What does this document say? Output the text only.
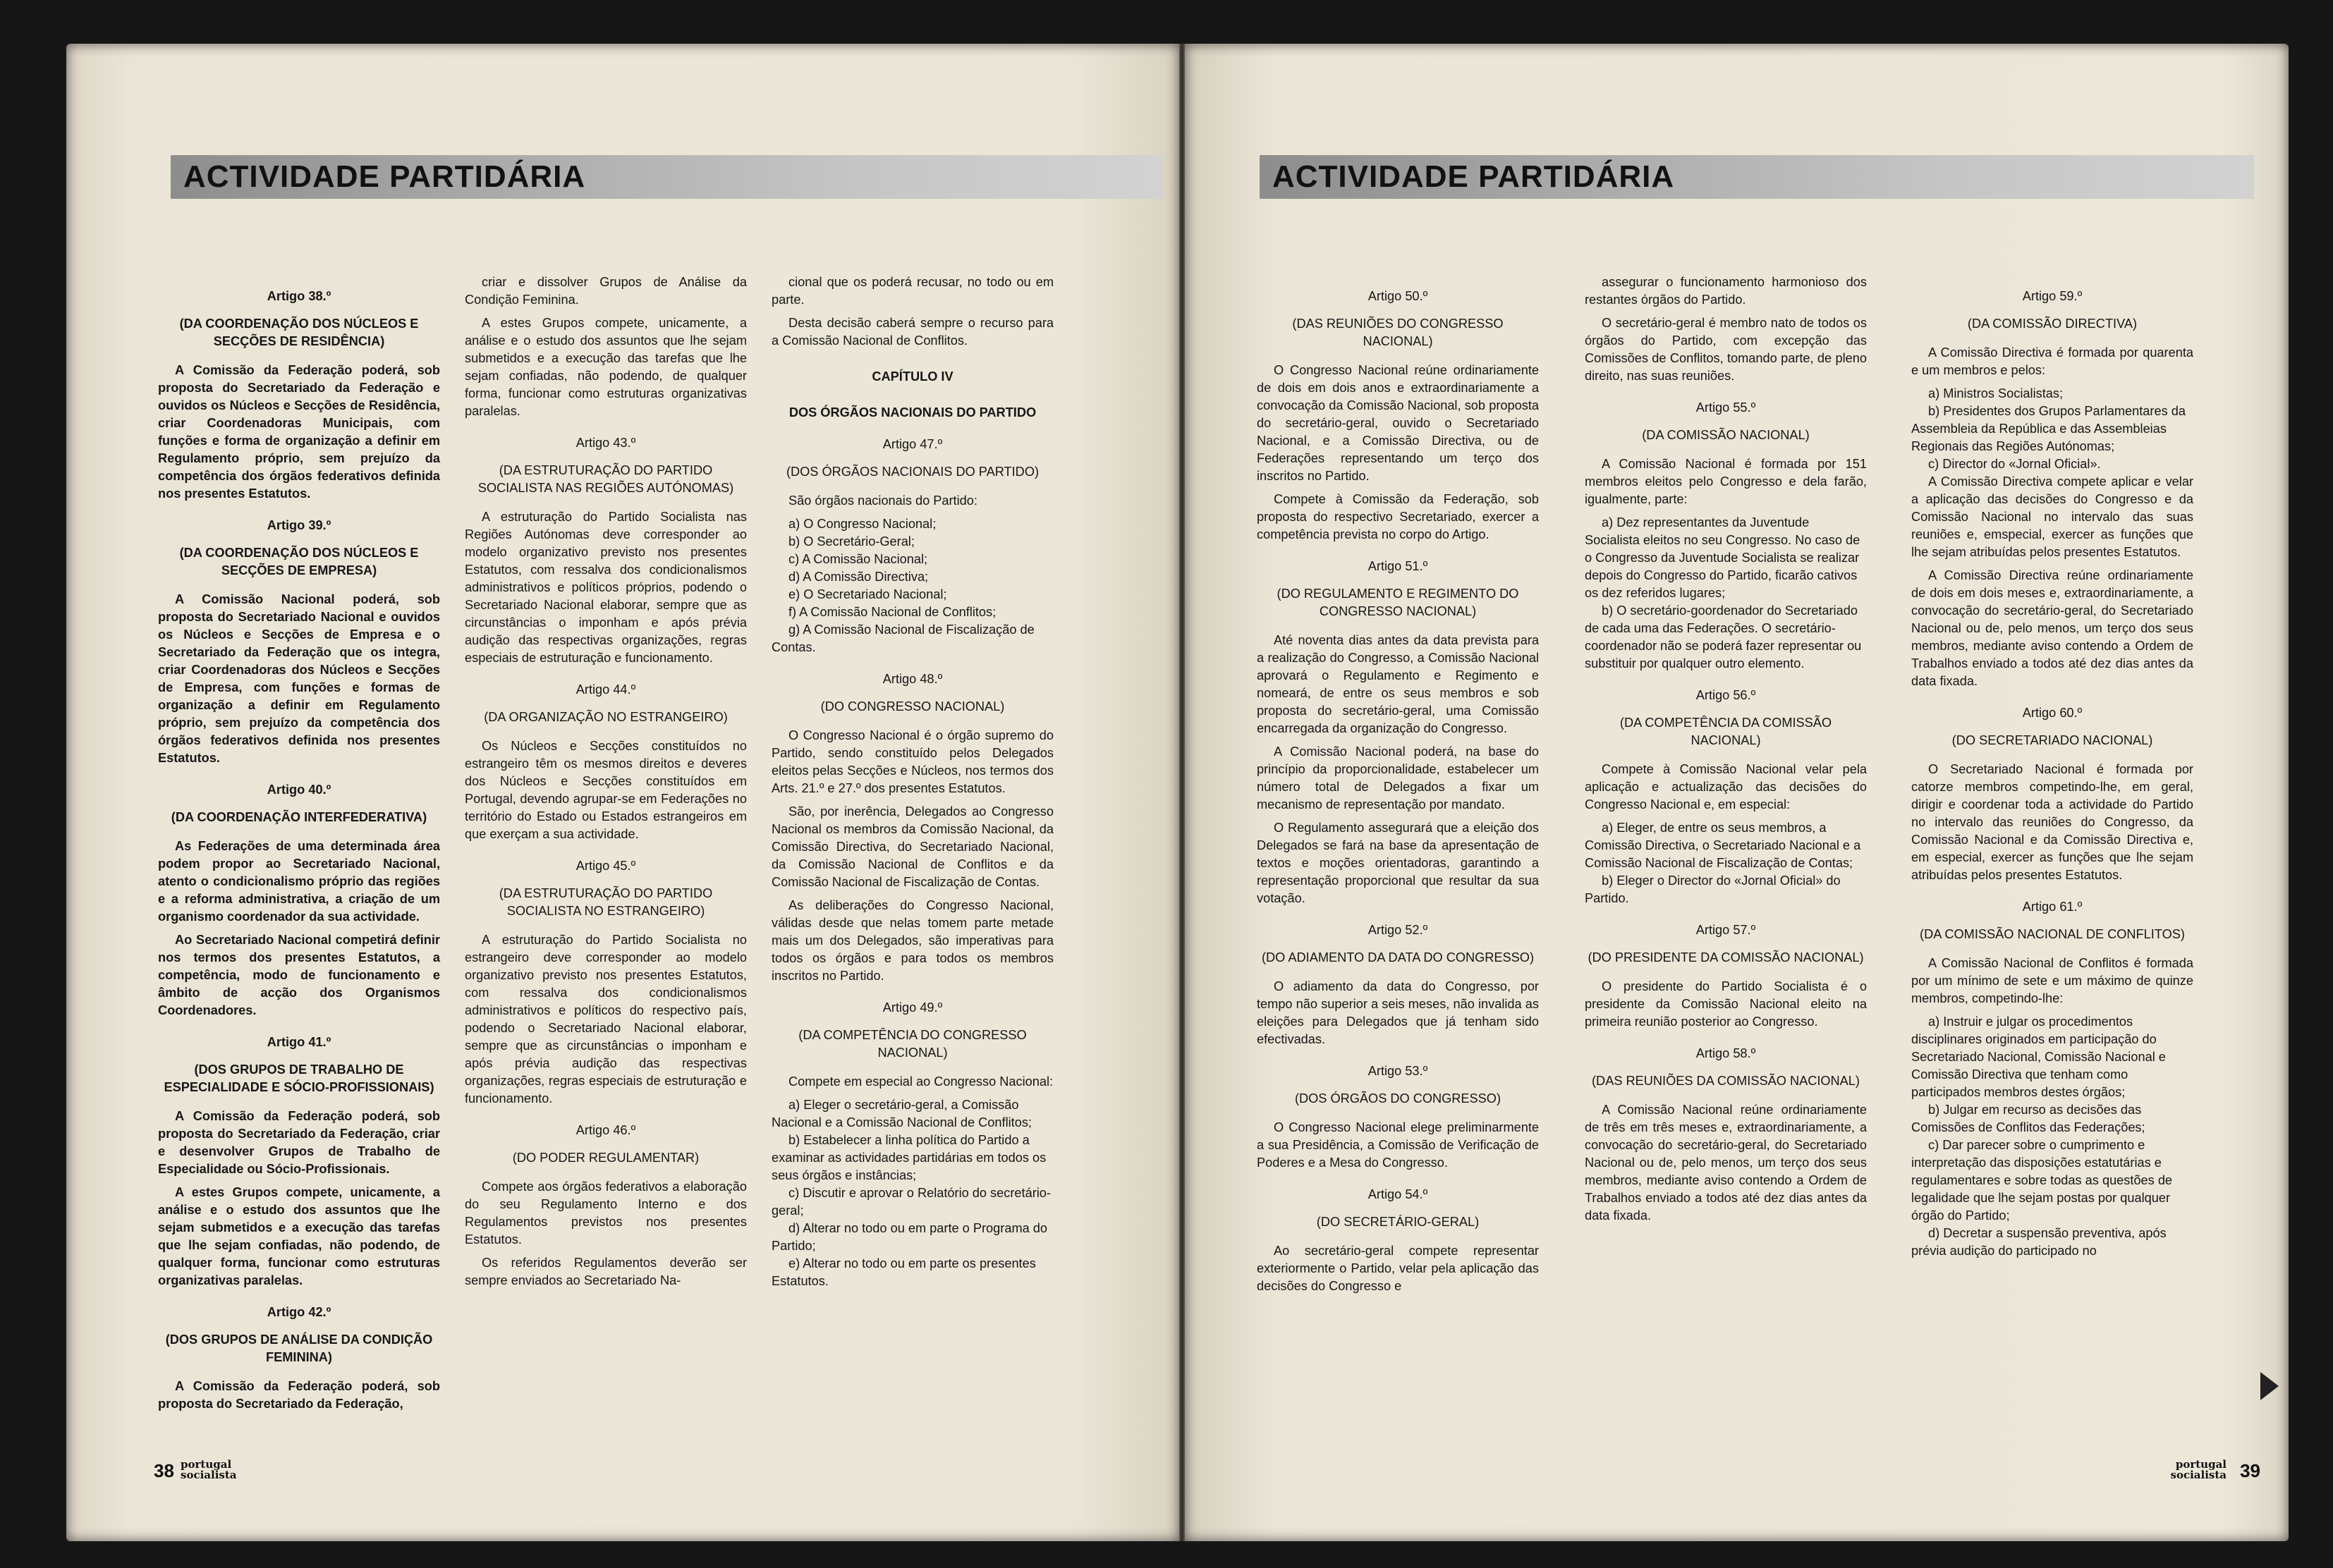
ACTIVIDADE PARTIDÁRIA
Artigo 38.º
(DA COORDENAÇÃO DOS NÚCLEOS E SECÇÕES DE RESIDÊNCIA)

A Comissão da Federação poderá, sob proposta do Secretariado da Federação e ouvidos os Núcleos e Secções de Residência, criar Coordenadoras Municipais, com funções e forma de organização a definir em Regulamento próprio, sem prejuízo da competência dos órgãos federativos definida nos presentes Estatutos.

Artigo 39.º
(DA COORDENAÇÃO DOS NÚCLEOS E SECÇÕES DE EMPRESA)

A Comissão Nacional poderá, sob proposta do Secretariado Nacional e ouvidos os Núcleos e Secções de Empresa e o Secretariado da Federação que os integra, criar Coordenadoras dos Núcleos e Secções de Empresa, com funções e formas de organização a definir em Regulamento próprio, sem prejuízo da competência dos órgãos federativos definida nos presentes Estatutos.

Artigo 40.º
(DA COORDENAÇÃO INTERFEDERATIVA)

As Federações de uma determinada área podem propor ao Secretariado Nacional, atento o condicionalismo próprio das regiões e a reforma administrativa, a criação de um organismo coordenador da sua actividade.

Ao Secretariado Nacional competirá definir nos termos dos presentes Estatutos, a competência, modo de funcionamento e âmbito de acção dos Organismos Coordenadores.

Artigo 41.º
(DOS GRUPOS DE TRABALHO DE ESPECIALIDADE E SÓCIO-PROFISSIONAIS)

A Comissão da Federação poderá, sob proposta do Secretariado da Federação, criar e desenvolver Grupos de Trabalho de Especialidade ou Sócio-Profissionais.

A estes Grupos compete, unicamente, a análise e o estudo dos assuntos que lhe sejam submetidos e a execução das tarefas que lhe sejam confiadas, não podendo, de qualquer forma, funcionar como estruturas organizativas paralelas.

Artigo 42.º
(DOS GRUPOS DE ANÁLISE DA CONDIÇÃO FEMININA)

A Comissão da Federação poderá, sob proposta do Secretariado da Federação,

criar e dissolver Grupos de Análise da Condição Feminina.

A estes Grupos compete, unicamente, a análise e o estudo dos assuntos que lhe sejam submetidos e a execução das tarefas que lhe sejam confiadas, não podendo, de qualquer forma, funcionar como estruturas organizativas paralelas.

Artigo 43.º
(DA ESTRUTURAÇÃO DO PARTIDO SOCIALISTA NAS REGIÕES AUTÓNOMAS)

A estruturação do Partido Socialista nas Regiões Autónomas deve corresponder ao modelo organizativo previsto nos presentes Estatutos, com ressalva dos condicionalismos administrativos e políticos próprios, podendo o Secretariado Nacional elaborar, sempre que as circunstâncias o imponham e após prévia audição das respectivas organizações, regras especiais de estruturação e funcionamento.

Artigo 44.º
(DA ORGANIZAÇÃO NO ESTRANGEIRO)

Os Núcleos e Secções constituídos no estrangeiro têm os mesmos direitos e deveres dos Núcleos e Secções constituídos em Portugal, devendo agrupar-se em Federações no território do Estado ou Estados estrangeiros em que exerçam a sua actividade.

Artigo 45.º
(DA ESTRUTURAÇÃO DO PARTIDO SOCIALISTA NO ESTRANGEIRO)

A estruturação do Partido Socialista no estrangeiro deve corresponder ao modelo organizativo previsto nos presentes Estatutos, com ressalva dos condicionalismos administrativos e políticos do respectivo país, podendo o Secretariado Nacional elaborar, sempre que as circunstâncias o imponham e após prévia audição das respectivas organizações, regras especiais de estruturação e funcionamento.

Artigo 46.º
(DO PODER REGULAMENTAR)

Compete aos órgãos federativos a elaboração do seu Regulamento Interno e dos Regulamentos previstos nos presentes Estatutos.

Os referidos Regulamentos deverão ser sempre enviados ao Secretariado Na-

cional que os poderá recusar, no todo ou em parte.

Desta decisão caberá sempre o recurso para a Comissão Nacional de Conflitos.

CAPÍTULO IV
DOS ÓRGÃOS NACIONAIS DO PARTIDO
Artigo 47.º
(DOS ÓRGÃOS NACIONAIS DO PARTIDO)

São órgãos nacionais do Partido:

a) O Congresso Nacional;

b) O Secretário-Geral;

c) A Comissão Nacional;

d) A Comissão Directiva;

e) O Secretariado Nacional;

f) A Comissão Nacional de Conflitos;

g) A Comissão Nacional de Fiscalização de Contas.

Artigo 48.º
(DO CONGRESSO NACIONAL)

O Congresso Nacional é o órgão supremo do Partido, sendo constituído pelos Delegados eleitos pelas Secções e Núcleos, nos termos dos Arts. 21.º e 27.º dos presentes Estatutos.

São, por inerência, Delegados ao Congresso Nacional os membros da Comissão Nacional, da Comissão Directiva, do Secretariado Nacional, da Comissão Nacional de Conflitos e da Comissão Nacional de Fiscalização de Contas.

As deliberações do Congresso Nacional, válidas desde que nelas tomem parte metade mais um dos Delegados, são imperativas para todos os órgãos e para todos os membros inscritos no Partido.

Artigo 49.º
(DA COMPETÊNCIA DO CONGRESSO NACIONAL)

Compete em especial ao Congresso Nacional:

a) Eleger o secretário-geral, a Comissão Nacional e a Comissão Nacional de Conflitos;

b) Estabelecer a linha política do Partido a examinar as actividades partidárias em todos os seus órgãos e instâncias;

c) Discutir e aprovar o Relatório do secretário-geral;

d) Alterar no todo ou em parte o Programa do Partido;

e) Alterar no todo ou em parte os presentes Estatutos.

38 portugal socialista
ACTIVIDADE PARTIDÁRIA
Artigo 50.º
(DAS REUNIÕES DO CONGRESSO NACIONAL)

O Congresso Nacional reúne ordinariamente de dois em dois anos e extraordinariamente a convocação da Comissão Nacional, sob proposta do secretário-geral, ouvido o Secretariado Nacional, e a Comissão Directiva, ou de Federações representando um terço dos inscritos no Partido.

Compete à Comissão da Federação, sob proposta do respectivo Secretariado, exercer a competência prevista no corpo do Artigo.

Artigo 51.º
(DO REGULAMENTO E REGIMENTO DO CONGRESSO NACIONAL)

Até noventa dias antes da data prevista para a realização do Congresso, a Comissão Nacional aprovará o Regulamento e Regimento e nomeará, de entre os seus membros e sob proposta do secretário-geral, uma Comissão encarregada da organização do Congresso.

A Comissão Nacional poderá, na base do princípio da proporcionalidade, estabelecer um número total de Delegados a fixar um mecanismo de representação por mandato.

O Regulamento assegurará que a eleição dos Delegados se fará na base da apresentação de textos e moções orientadoras, garantindo a representação proporcional que resultar da sua votação.

Artigo 52.º
(DO ADIAMENTO DA DATA DO CONGRESSO)

O adiamento da data do Congresso, por tempo não superior a seis meses, não invalida as eleições para Delegados que já tenham sido efectivadas.

Artigo 53.º
(DOS ÓRGÃOS DO CONGRESSO)

O Congresso Nacional elege preliminarmente a sua Presidência, a Comissão de Verificação de Poderes e a Mesa do Congresso.

Artigo 54.º
(DO SECRETÁRIO-GERAL)

Ao secretário-geral compete representar exteriormente o Partido, velar pela aplicação das decisões do Congresso e

assegurar o funcionamento harmonioso dos restantes órgãos do Partido.

O secretário-geral é membro nato de todos os órgãos do Partido, com excepção das Comissões de Conflitos, tomando parte, de pleno direito, nas suas reuniões.

Artigo 55.º
(DA COMISSÃO NACIONAL)

A Comissão Nacional é formada por 151 membros eleitos pelo Congresso e dela farão, igualmente, parte:

a) Dez representantes da Juventude Socialista eleitos no seu Congresso. No caso de o Congresso da Juventude Socialista se realizar depois do Congresso do Partido, ficarão cativos os dez referidos lugares;

b) O secretário-goordenador do Secretariado de cada uma das Federações. O secretário-coordenador não se poderá fazer representar ou substituir por qualquer outro elemento.

Artigo 56.º
(DA COMPETÊNCIA DA COMISSÃO NACIONAL)

Compete à Comissão Nacional velar pela aplicação e actualização das decisões do Congresso Nacional e, em especial:

a) Eleger, de entre os seus membros, a Comissão Directiva, o Secretariado Nacional e a Comissão Nacional de Fiscalização de Contas;

b) Eleger o Director do «Jornal Oficial» do Partido.

Artigo 57.º
(DO PRESIDENTE DA COMISSÃO NACIONAL)

O presidente do Partido Socialista é o presidente da Comissão Nacional eleito na primeira reunião posterior ao Congresso.

Artigo 58.º
(DAS REUNIÕES DA COMISSÃO NACIONAL)

A Comissão Nacional reúne ordinariamente de três em três meses e, extraordinariamente, a convocação do secretário-geral, do Secretariado Nacional ou de, pelo menos, um terço dos seus membros, mediante aviso contendo a Ordem de Trabalhos enviado a todos até dez dias antes da data fixada.

Artigo 59.º
(DA COMISSÃO DIRECTIVA)

A Comissão Directiva é formada por quarenta e um membros e pelos:

a) Ministros Socialistas;

b) Presidentes dos Grupos Parlamentares da Assembleia da República e das Assembleias Regionais das Regiões Autónomas;

c) Director do «Jornal Oficial».

A Comissão Directiva compete aplicar e velar a aplicação das decisões do Congresso e da Comissão Nacional no intervalo das suas reuniões e, emspecial, exercer as funções que lhe sejam atribuídas pelos presentes Estatutos.

A Comissão Directiva reúne ordinariamente de dois em dois meses e, extraordinariamente, a convocação do secretário-geral, do Secretariado Nacional ou de, pelo menos, um terço dos seus membros, mediante aviso contendo a Ordem de Trabalhos enviado a todos até dez dias antes da data fixada.

Artigo 60.º
(DO SECRETARIADO NACIONAL)

O Secretariado Nacional é formada por catorze membros competindo-lhe, em geral, dirigir e coordenar toda a actividade do Partido no intervalo das reuniões do Congresso, da Comissão Nacional e da Comissão Directiva e, em especial, exercer as funções que lhe sejam atribuídas pelos presentes Estatutos.

Artigo 61.º
(DA COMISSÃO NACIONAL DE CONFLITOS)

A Comissão Nacional de Conflitos é formada por um mínimo de sete e um máximo de quinze membros, competindo-lhe:

a) Instruir e julgar os procedimentos disciplinares originados em participação do Secretariado Nacional, Comissão Nacional e Comissão Directiva que tenham como participados membros destes órgãos;

b) Julgar em recurso as decisões das Comissões de Conflitos das Federações;

c) Dar parecer sobre o cumprimento e interpretação das disposições estatutárias e regulamentares e sobre todas as questões de legalidade que lhe sejam postas por qualquer órgão do Partido;

d) Decretar a suspensão preventiva, após prévia audição do participado no

portugal socialista 39
